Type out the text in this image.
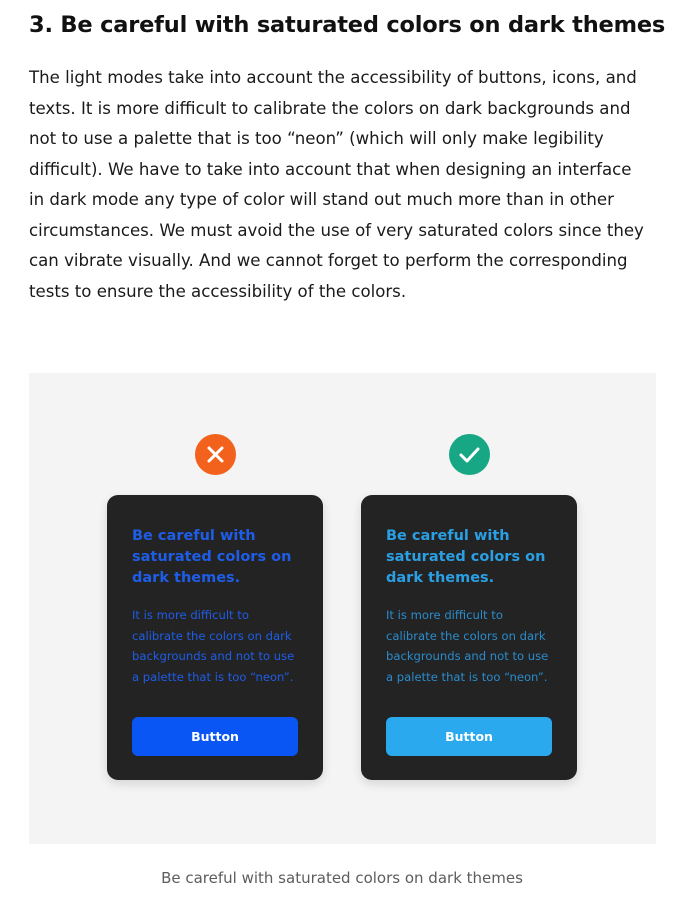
3. Be careful with saturated colors on dark themes

The light modes take into account the accessibility of buttons, icons, and
texts. It is more difficult to calibrate the colors on dark backgrounds and
not to use a palette that is too “neon” (which will only make legibility
difficult). We have to take into account that when designing an interface
in dark mode any type of color will stand out much more than in other
circumstances. We must avoid the use of very saturated colors since they
can vibrate visually. And we cannot forget to perform the corresponding
tests to ensure the accessibility of the colors.

Be careful with
saturated colors on
dark themes.

It is more difficult to
calibrate the colors on dark
backgrounds and not to use
a palette that is too “neon”.

Button

Be careful with
saturated colors on
dark themes.

It is more difficult to
calibrate the colors on dark
backgrounds and not to use
a palette that is too “neon”.

Button

Be careful with saturated colors on dark themes
